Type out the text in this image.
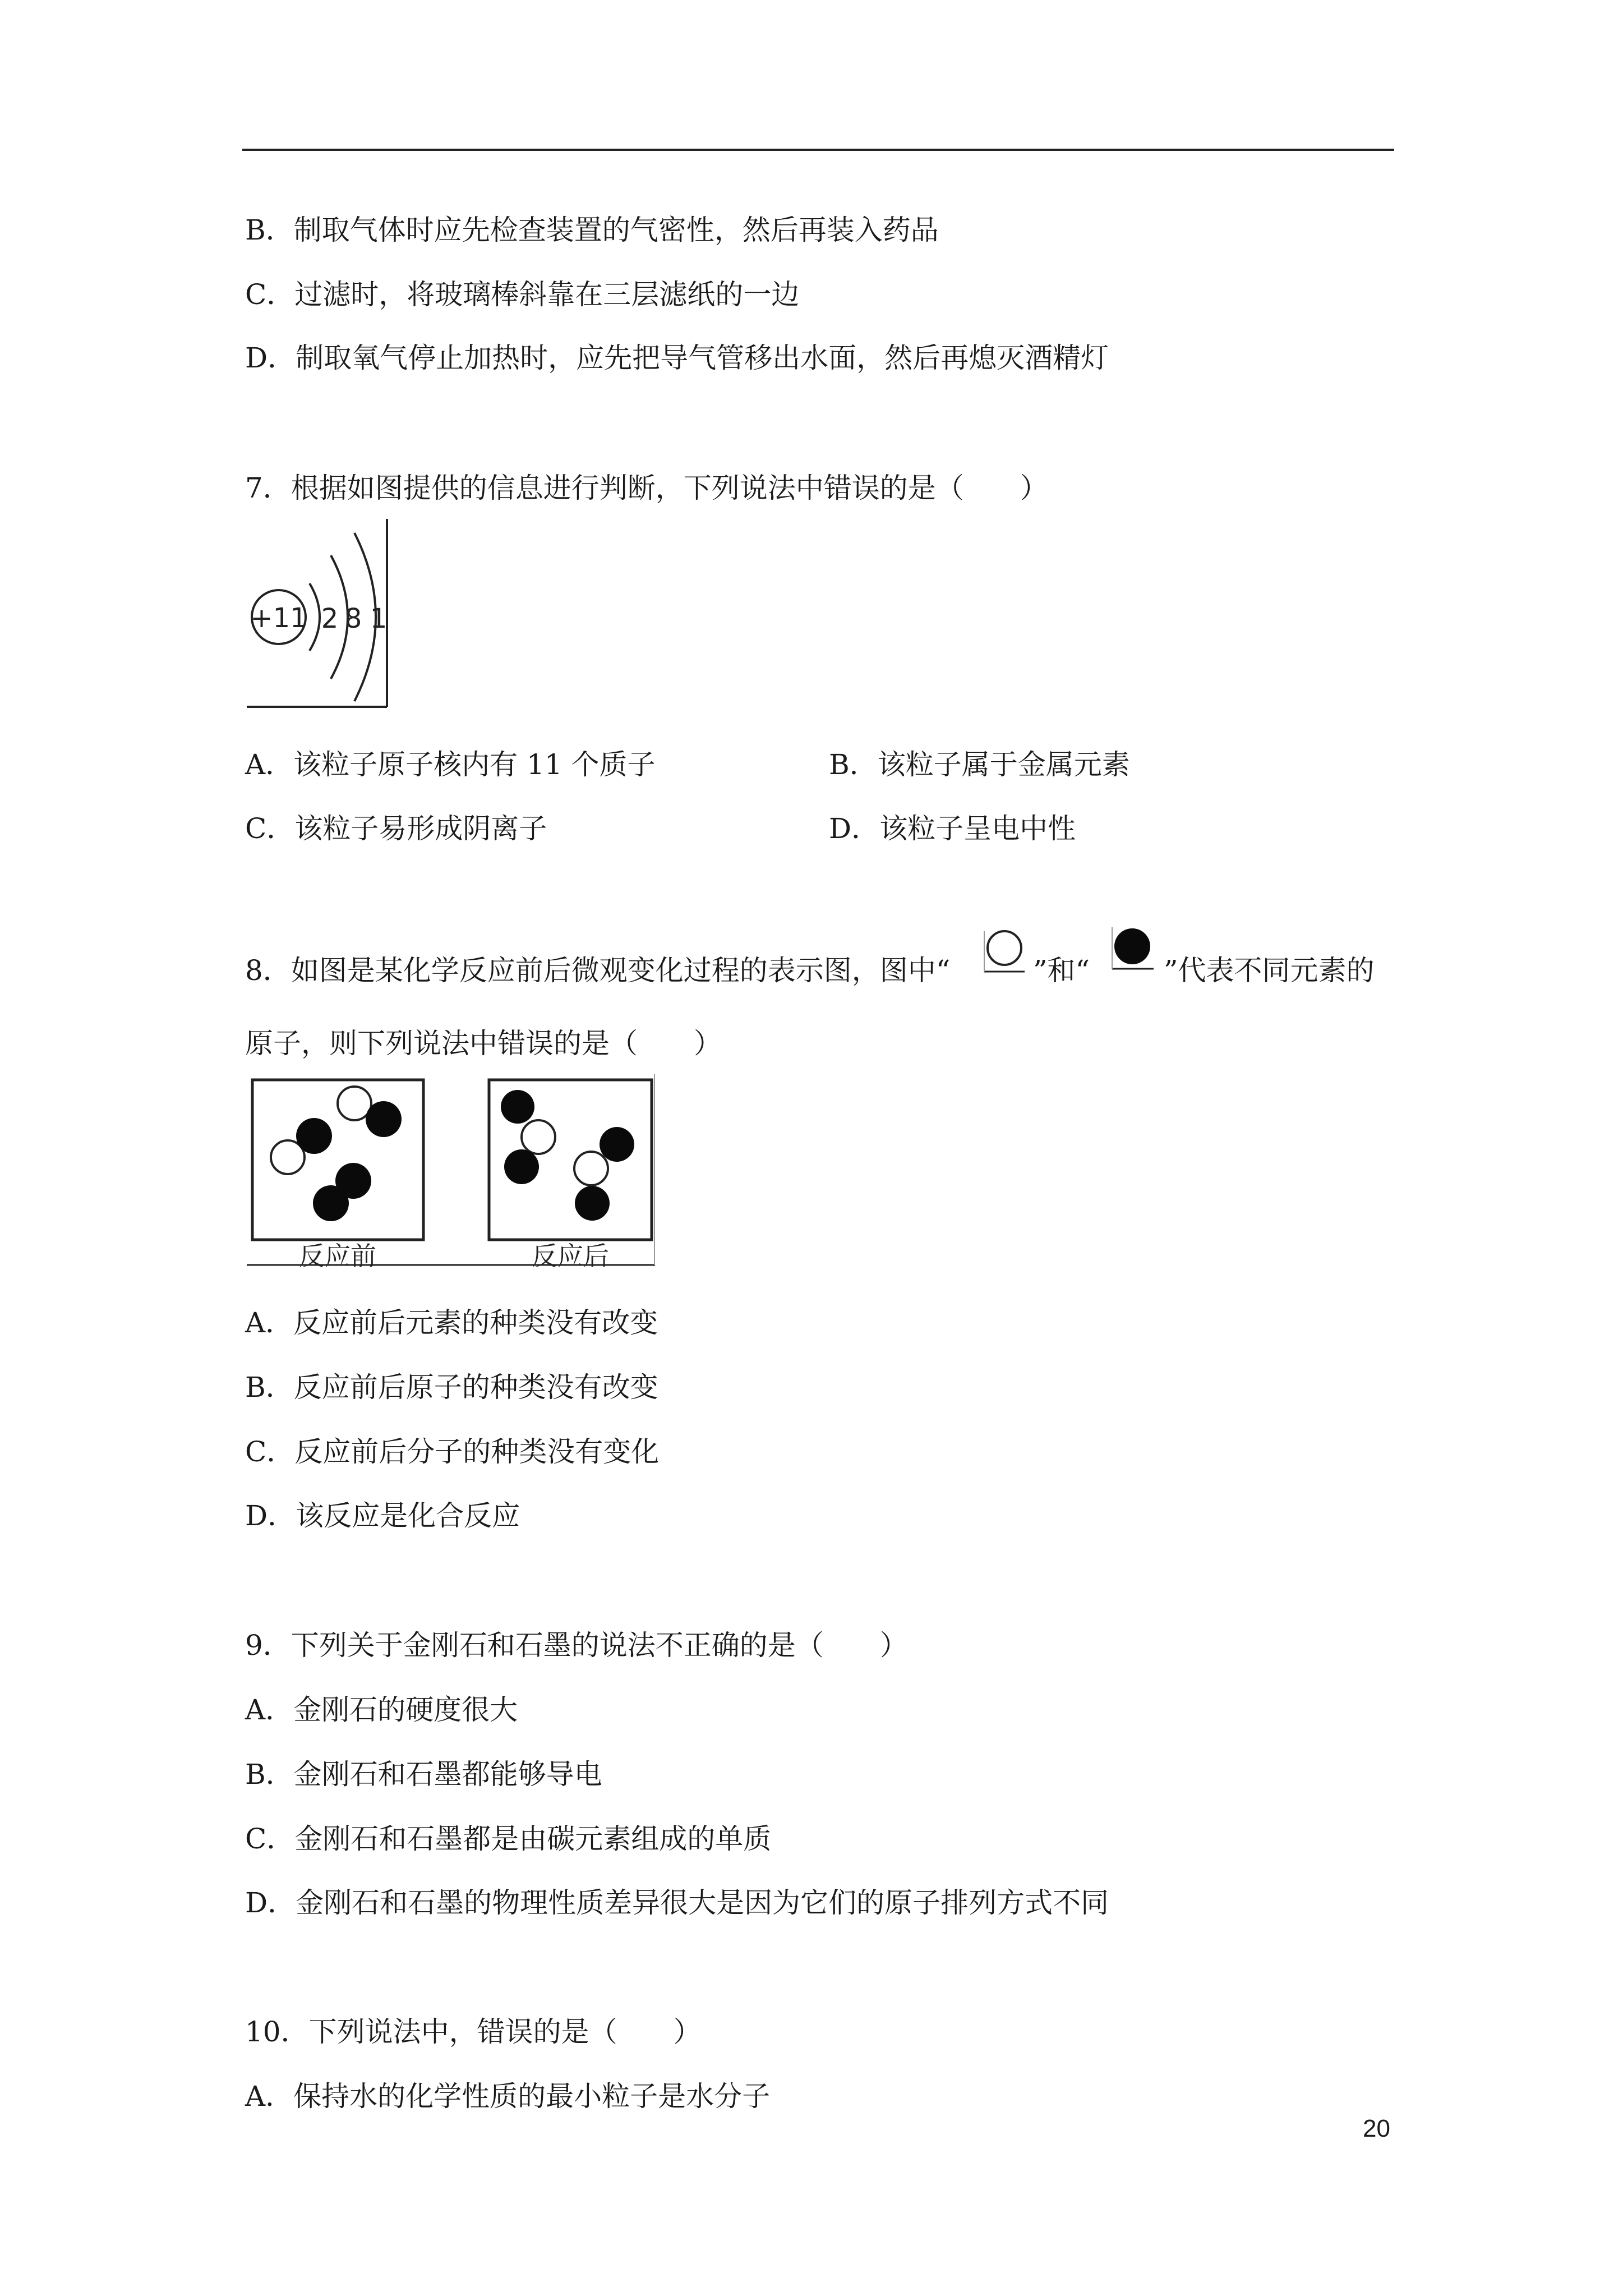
B．制取气体时应先检查装置的气密性，然后再装入药品
C．过滤时，将玻璃棒斜靠在三层滤纸的一边
D．制取氧气停止加热时，应先把导气管移出水面，然后再熄灭酒精灯
7．根据如图提供的信息进行判断，下列说法中错误的是（　　）
+11 2 8 1
A．该粒子原子核内有 11 个质子	B．该粒子属于金属元素
C．该粒子易形成阴离子	D．该粒子呈电中性
8．如图是某化学反应前后微观变化过程的表示图，图中“	”和“	”代表不同元素的
原子，则下列说法中错误的是（　　）
反应前	反应后
A．反应前后元素的种类没有改变
B．反应前后原子的种类没有改变
C．反应前后分子的种类没有变化
D．该反应是化合反应
9．下列关于金刚石和石墨的说法不正确的是（　　）
A．金刚石的硬度很大
B．金刚石和石墨都能够导电
C．金刚石和石墨都是由碳元素组成的单质
D．金刚石和石墨的物理性质差异很大是因为它们的原子排列方式不同
10．下列说法中，错误的是（　　）
A．保持水的化学性质的最小粒子是水分子
20
